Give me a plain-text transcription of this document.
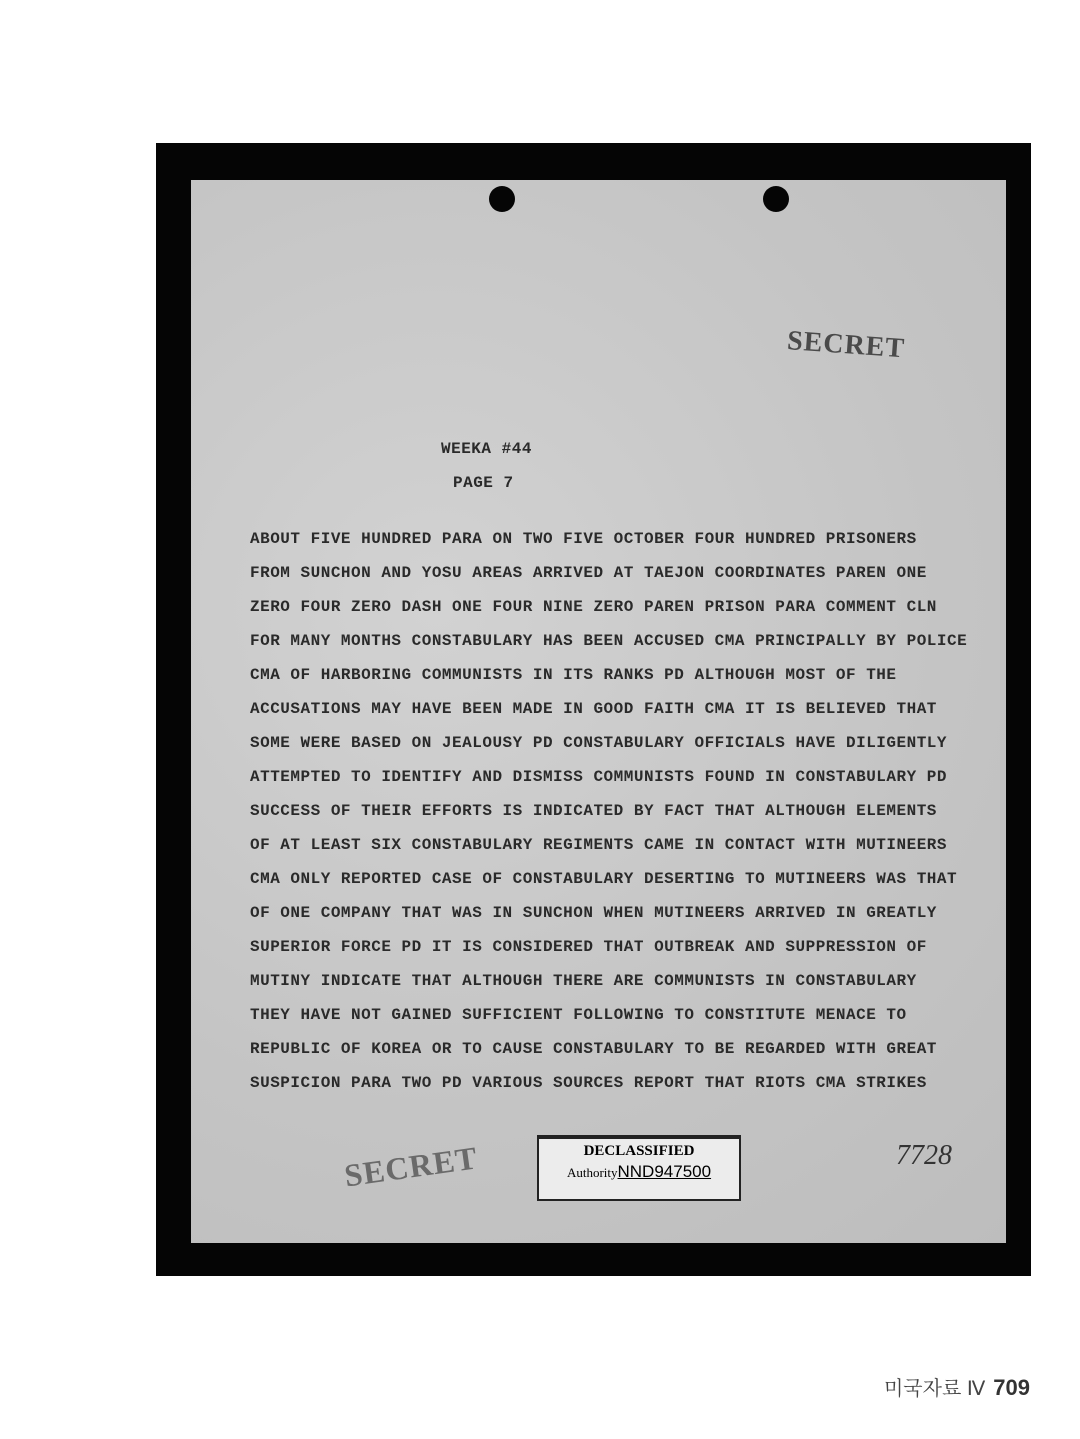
SECRET
WEEKA #44
PAGE 7
ABOUT FIVE HUNDRED PARA ON TWO FIVE OCTOBER FOUR HUNDRED PRISONERS
FROM SUNCHON AND YOSU AREAS ARRIVED AT TAEJON COORDINATES PAREN ONE
ZERO FOUR ZERO DASH ONE FOUR NINE ZERO PAREN PRISON PARA COMMENT CLN
FOR MANY MONTHS CONSTABULARY HAS BEEN ACCUSED CMA PRINCIPALLY BY POLICE
CMA OF HARBORING COMMUNISTS IN ITS RANKS PD ALTHOUGH MOST OF THE
ACCUSATIONS MAY HAVE BEEN MADE IN GOOD FAITH CMA IT IS BELIEVED THAT
SOME WERE BASED ON JEALOUSY PD CONSTABULARY OFFICIALS HAVE DILIGENTLY
ATTEMPTED TO IDENTIFY AND DISMISS COMMUNISTS FOUND IN CONSTABULARY PD
SUCCESS OF THEIR EFFORTS IS INDICATED BY FACT THAT ALTHOUGH ELEMENTS
OF AT LEAST SIX CONSTABULARY REGIMENTS CAME IN CONTACT WITH MUTINEERS
CMA ONLY REPORTED CASE OF CONSTABULARY DESERTING TO MUTINEERS WAS THAT
OF ONE COMPANY THAT WAS IN SUNCHON WHEN MUTINEERS ARRIVED IN GREATLY
SUPERIOR FORCE PD IT IS CONSIDERED THAT OUTBREAK AND SUPPRESSION OF
MUTINY INDICATE THAT ALTHOUGH THERE ARE COMMUNISTS IN CONSTABULARY
THEY HAVE NOT GAINED SUFFICIENT FOLLOWING TO CONSTITUTE MENACE TO
REPUBLIC OF KOREA OR TO CAUSE CONSTABULARY TO BE REGARDED WITH GREAT
SUSPICION PARA TWO PD VARIOUS SOURCES REPORT THAT RIOTS CMA STRIKES
SECRET	DECLASSIFIED
AuthorityNND947500
7728
미국자료 Ⅳ 709
